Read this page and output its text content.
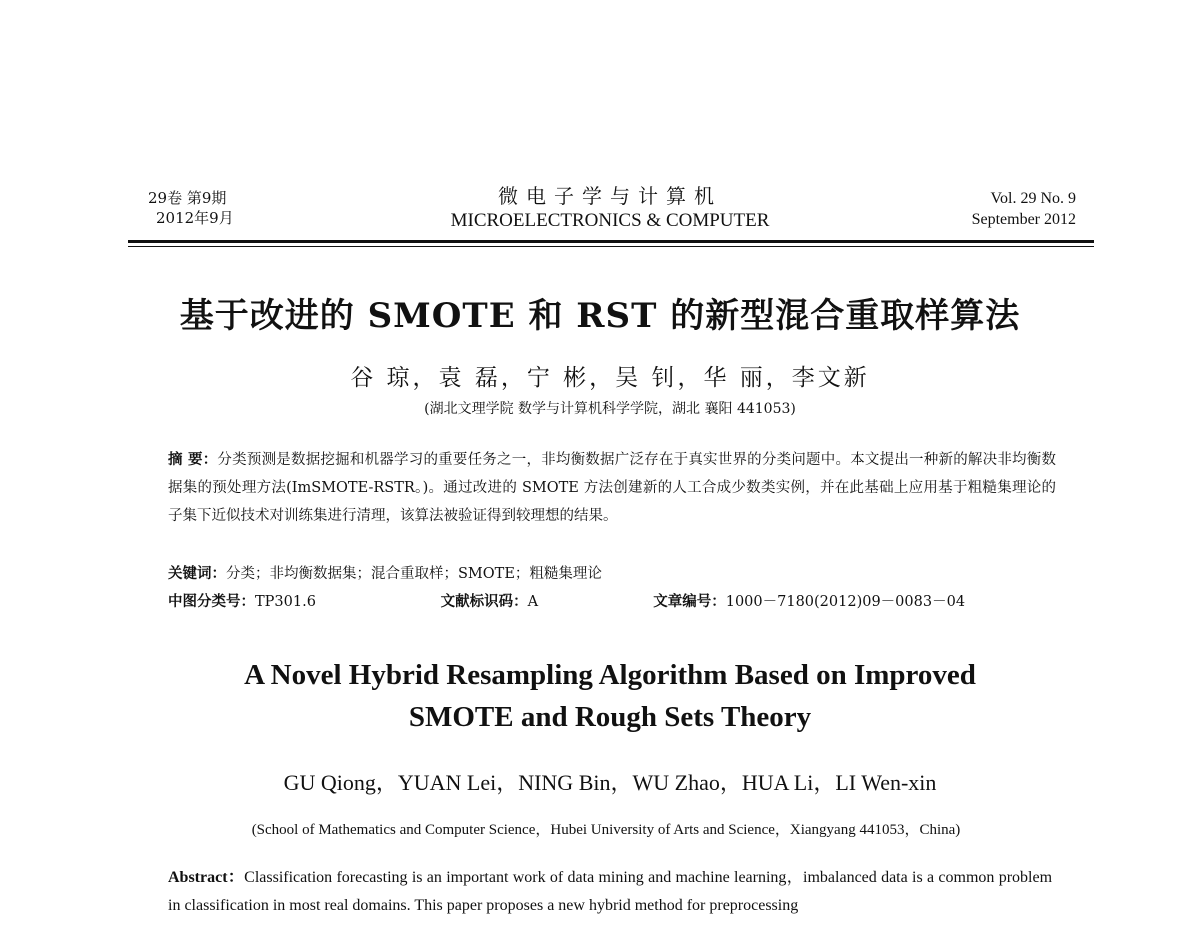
29卷 第9期
2012年9月
微电子学与计算机
MICROELECTRONICS & COMPUTER
Vol. 29 No. 9
September 2012
基于改进的 SMOTE 和 RST 的新型混合重取样算法
谷 琼，袁 磊，宁 彬，吴 钊，华 丽，李文新
(湖北文理学院 数学与计算机科学学院，湖北 襄阳 441053)
摘 要：分类预测是数据挖掘和机器学习的重要任务之一，非均衡数据广泛存在于真实世界的分类问题中。本文提出一种新的解决非均衡数据集的预处理方法(ImSMOTE-RSTR。)。通过改进的 SMOTE 方法创建新的人工合成少数类实例，并在此基础上应用基于粗糙集理论的子集下近似技术对训练集进行清理，该算法被验证得到较理想的结果。
关键词：分类；非均衡数据集；混合重取样；SMOTE；粗糙集理论
中图分类号：TP301.6	文献标识码：A	文章编号：1000－7180(2012)09－0083－04
A Novel Hybrid Resampling Algorithm Based on Improved
SMOTE and Rough Sets Theory
GU Qiong，YUAN Lei，NING Bin，WU Zhao，HUA Li，LI Wen-xin
(School of Mathematics and Computer Science，Hubei University of Arts and Science，Xiangyang 441053，China)
Abstract：Classification forecasting is an important work of data mining and machine learning，imbalanced data is a common problem in classification in most real domains. This paper proposes a new hybrid method for preprocessing
